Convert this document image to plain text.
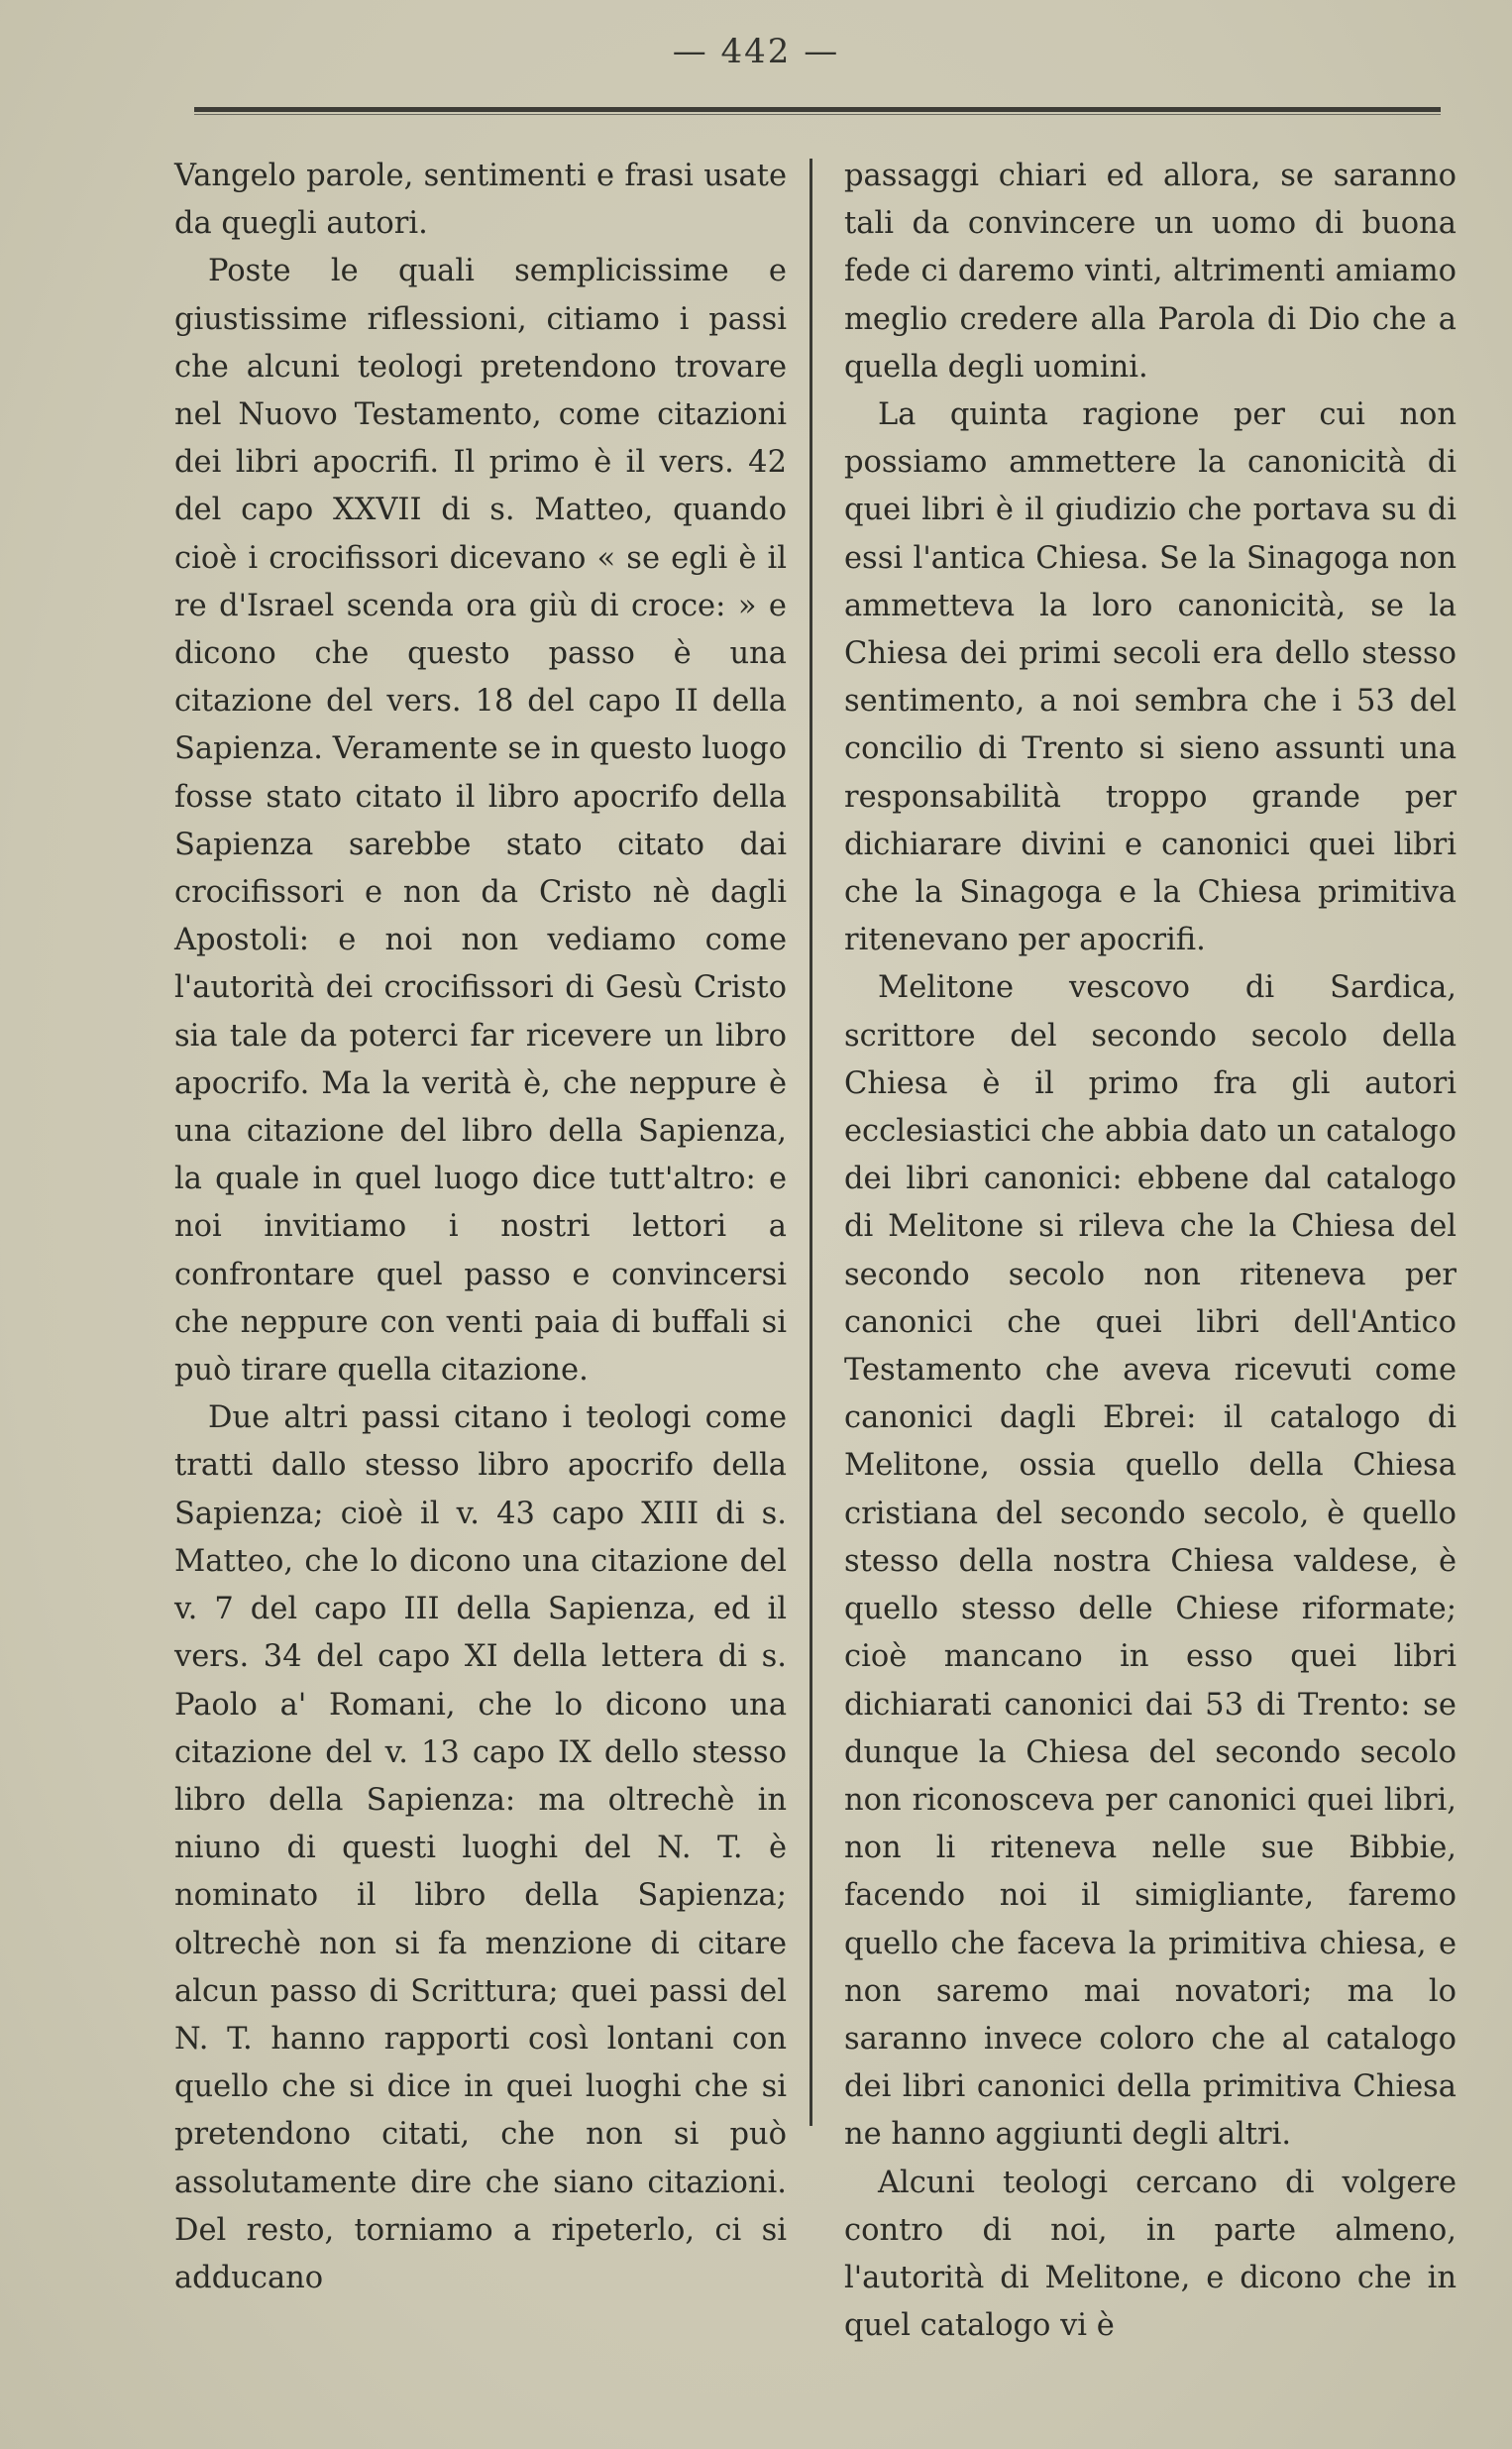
— 442 —

Vangelo parole, sentimenti e frasi usate da quegli autori.

Poste le quali semplicissime e giustissime riflessioni, citiamo i passi che alcuni teologi pretendono trovare nel Nuovo Testamento, come citazioni dei libri apocrifi. Il primo è il vers. 42 del capo XXVII di s. Matteo, quando cioè i crocifissori dicevano « se egli è il re d'Israel scenda ora giù di croce: » e dicono che questo passo è una citazione del vers. 18 del capo II della Sapienza. Veramente se in questo luogo fosse stato citato il libro apocrifo della Sapienza sarebbe stato citato dai crocifissori e non da Cristo nè dagli Apostoli: e noi non vediamo come l'autorità dei crocifissori di Gesù Cristo sia tale da poterci far ricevere un libro apocrifo. Ma la verità è, che neppure è una citazione del libro della Sapienza, la quale in quel luogo dice tutt'altro: e noi invitiamo i nostri lettori a confrontare quel passo e convincersi che neppure con venti paia di buffali si può tirare quella citazione.

Due altri passi citano i teologi come tratti dallo stesso libro apocrifo della Sapienza; cioè il v. 43 capo XIII di s. Matteo, che lo dicono una citazione del v. 7 del capo III della Sapienza, ed il vers. 34 del capo XI della lettera di s. Paolo a' Romani, che lo dicono una citazione del v. 13 capo IX dello stesso libro della Sapienza: ma oltrechè in niuno di questi luoghi del N. T. è nominato il libro della Sapienza; oltrechè non si fa menzione di citare alcun passo di Scrittura; quei passi del N. T. hanno rapporti così lontani con quello che si dice in quei luoghi che si pretendono citati, che non si può assolutamente dire che siano citazioni. Del resto, torniamo a ripeterlo, ci si adducano

passaggi chiari ed allora, se saranno tali da convincere un uomo di buona fede ci daremo vinti, altrimenti amiamo meglio credere alla Parola di Dio che a quella degli uomini.

La quinta ragione per cui non possiamo ammettere la canonicità di quei libri è il giudizio che portava su di essi l'antica Chiesa. Se la Sinagoga non ammetteva la loro canonicità, se la Chiesa dei primi secoli era dello stesso sentimento, a noi sembra che i 53 del concilio di Trento si sieno assunti una responsabilità troppo grande per dichiarare divini e canonici quei libri che la Sinagoga e la Chiesa primitiva ritenevano per apocrifi.

Melitone vescovo di Sardica, scrittore del secondo secolo della Chiesa è il primo fra gli autori ecclesiastici che abbia dato un catalogo dei libri canonici: ebbene dal catalogo di Melitone si rileva che la Chiesa del secondo secolo non riteneva per canonici che quei libri dell'Antico Testamento che aveva ricevuti come canonici dagli Ebrei: il catalogo di Melitone, ossia quello della Chiesa cristiana del secondo secolo, è quello stesso della nostra Chiesa valdese, è quello stesso delle Chiese riformate; cioè mancano in esso quei libri dichiarati canonici dai 53 di Trento: se dunque la Chiesa del secondo secolo non riconosceva per canonici quei libri, non li riteneva nelle sue Bibbie, facendo noi il simigliante, faremo quello che faceva la primitiva chiesa, e non saremo mai novatori; ma lo saranno invece coloro che al catalogo dei libri canonici della primitiva Chiesa ne hanno aggiunti degli altri.

Alcuni teologi cercano di volgere contro di noi, in parte almeno, l'autorità di Melitone, e dicono che in quel catalogo vi è
